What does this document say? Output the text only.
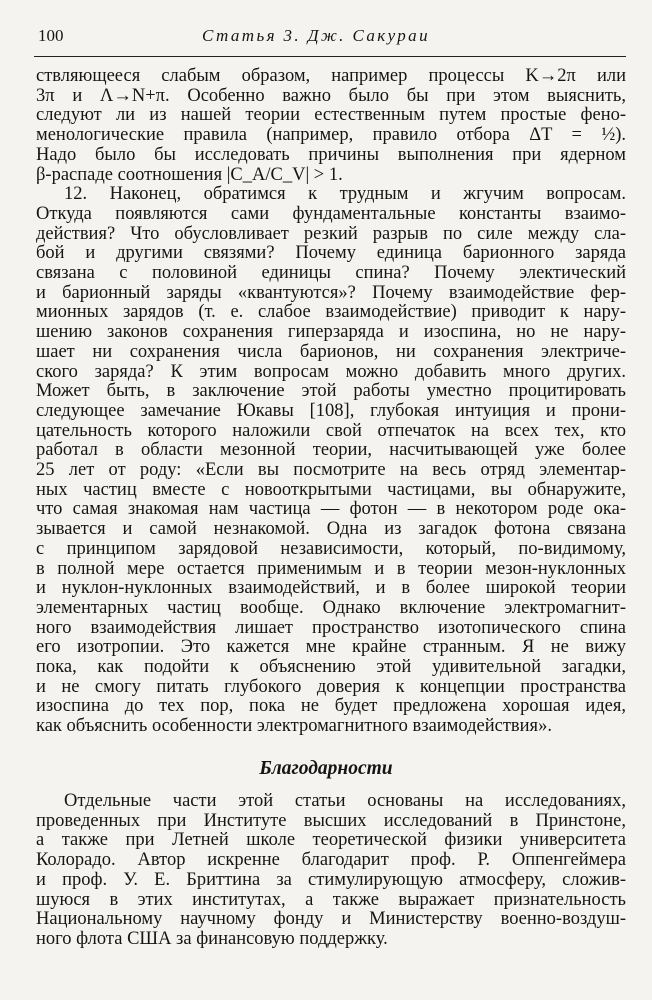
100	Статья 3. Дж. Сакураи
Благодарности
ствляющееся слабым образом, например процессы K→2π или
3π и Λ→N+π. Особенно важно было бы при этом выяснить,
следуют ли из нашей теории естественным путем простые фено-
менологические правила (например, правило отбора ΔT = ½).
Надо было бы исследовать причины выполнения при ядерном
β-распаде соотношения |C_A/C_V| > 1.
12. Наконец, обратимся к трудным и жгучим вопросам.
Откуда появляются сами фундаментальные константы взаимо-
действия? Что обусловливает резкий разрыв по силе между сла-
бой и другими связями? Почему единица барионного заряда
связана с половиной единицы спина? Почему электический
и барионный заряды «квантуются»? Почему взаимодействие фер-
мионных зарядов (т. е. слабое взаимодействие) приводит к нару-
шению законов сохранения гиперзаряда и изоспина, но не нару-
шает ни сохранения числа барионов, ни сохранения электриче-
ского заряда? К этим вопросам можно добавить много других.
Может быть, в заключение этой работы уместно процитировать
следующее замечание Юкавы [108], глубокая интуиция и прони-
цательность которого наложили свой отпечаток на всех тех, кто
работал в области мезонной теории, насчитывающей уже более
25 лет от роду: «Если вы посмотрите на весь отряд элементар-
ных частиц вместе с новооткрытыми частицами, вы обнаружите,
что самая знакомая нам частица — фотон — в некотором роде ока-
зывается и самой незнакомой. Одна из загадок фотона связана
с принципом зарядовой независимости, который, по-видимому,
в полной мере остается применимым и в теории мезон-нуклонных
и нуклон-нуклонных взаимодействий, и в более широкой теории
элементарных частиц вообще. Однако включение электромагнит-
ного взаимодействия лишает пространство изотопического спина
его изотропии. Это кажется мне крайне странным. Я не вижу
пока, как подойти к объяснению этой удивительной загадки,
и не смогу питать глубокого доверия к концепции пространства
изоспина до тех пор, пока не будет предложена хорошая идея,
как объяснить особенности электромагнитного взаимодействия».
Отдельные части этой статьи основаны на исследованиях,
проведенных при Институте высших исследований в Принстоне,
а также при Летней школе теоретической физики университета
Колорадо. Автор искренне благодарит проф. Р. Оппенгеймера
и проф. У. Е. Бриттина за стимулирующую атмосферу, сложив-
шуюся в этих институтах, а также выражает признательность
Национальному научному фонду и Министерству военно-воздуш-
ного флота США за финансовую поддержку.
